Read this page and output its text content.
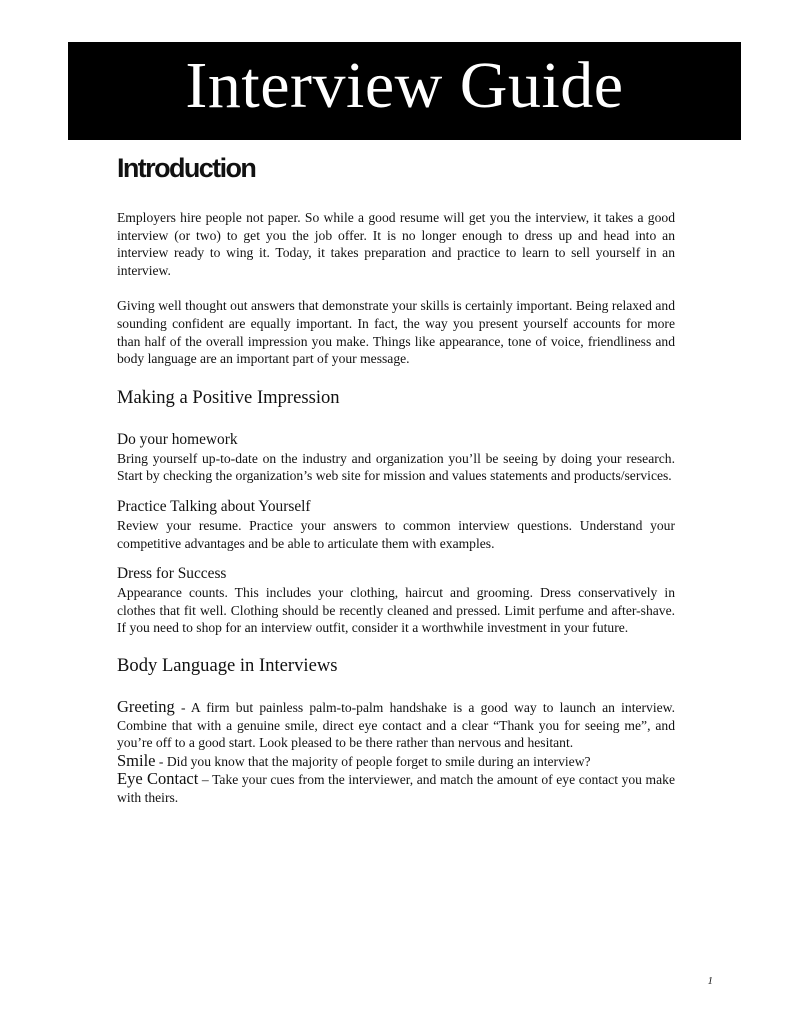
Interview Guide
Introduction

Employers hire people not paper. So while a good resume will get you the interview, it takes a good interview (or two) to get you the job offer. It is no longer enough to dress up and head into an interview ready to wing it. Today, it takes preparation and practice to learn to sell yourself in an interview.

Giving well thought out answers that demonstrate your skills is certainly important. Being relaxed and sounding confident are equally important. In fact, the way you present yourself accounts for more than half of the overall impression you make. Things like appearance, tone of voice, friendliness and body language are an important part of your message.

Making a Positive Impression
Do your homework

Bring yourself up-to-date on the industry and organization you’ll be seeing by doing your research. Start by checking the organization’s web site for mission and values statements and products/services.

Practice Talking about Yourself

Review your resume. Practice your answers to common interview questions. Understand your competitive advantages and be able to articulate them with examples.

Dress for Success

Appearance counts. This includes your clothing, haircut and grooming. Dress conservatively in clothes that fit well. Clothing should be recently cleaned and pressed. Limit perfume and after-shave. If you need to shop for an interview outfit, consider it a worthwhile investment in your future.

Body Language in Interviews

Greeting - A firm but painless palm-to-palm handshake is a good way to launch an interview. Combine that with a genuine smile, direct eye contact and a clear “Thank you for seeing me”, and you’re off to a good start. Look pleased to be there rather than nervous and hesitant.

Smile - Did you know that the majority of people forget to smile during an interview?

Eye Contact – Take your cues from the interviewer, and match the amount of eye contact you make with theirs.

1
